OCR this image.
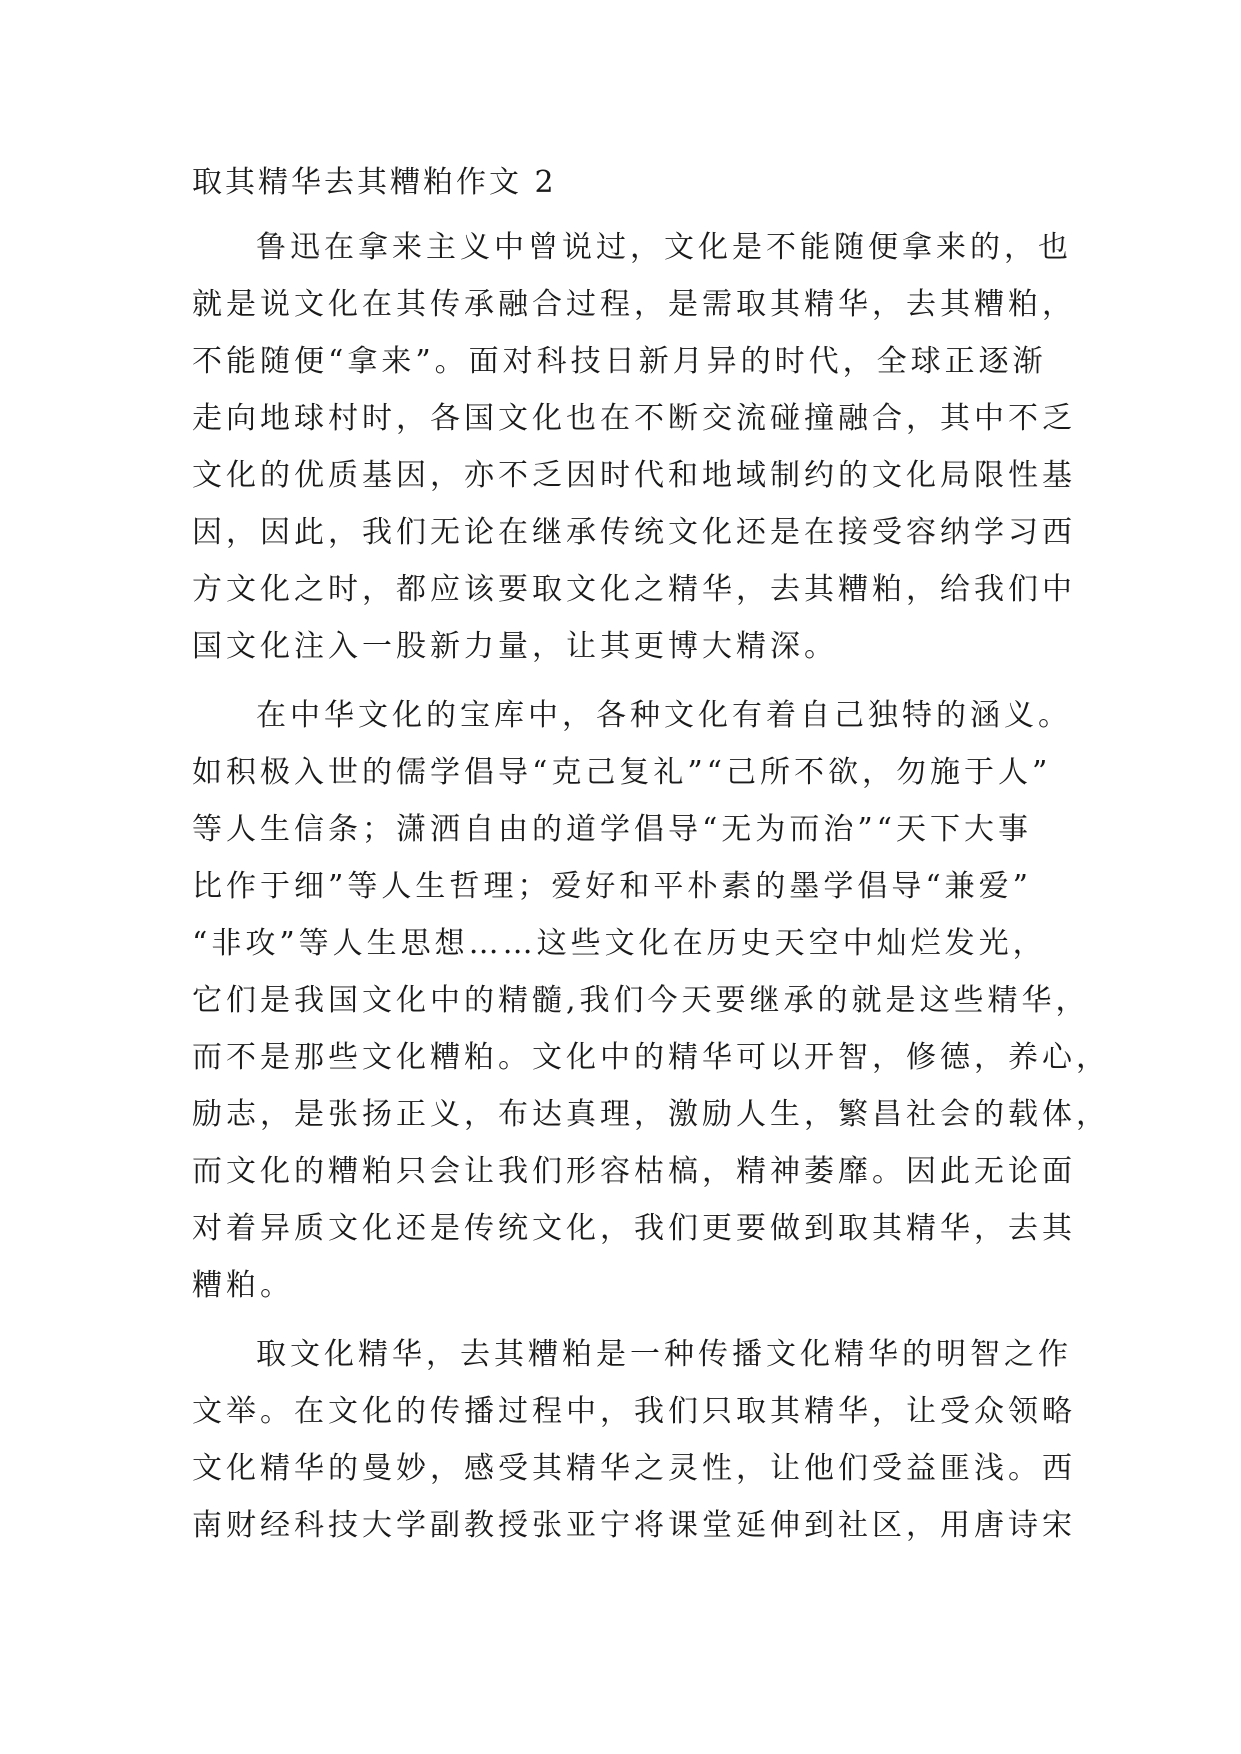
取其精华去其糟粕作文 2
鲁迅在拿来主义中曾说过，文化是不能随便拿来的，也
就是说文化在其传承融合过程，是需取其精华，去其糟粕，
不能随便“拿来”。面对科技日新月异的时代，全球正逐渐
走向地球村时，各国文化也在不断交流碰撞融合，其中不乏
文化的优质基因，亦不乏因时代和地域制约的文化局限性基
因，因此，我们无论在继承传统文化还是在接受容纳学习西
方文化之时，都应该要取文化之精华，去其糟粕，给我们中
国文化注入一股新力量，让其更博大精深。
在中华文化的宝库中，各种文化有着自己独特的涵义。
如积极入世的儒学倡导“克己复礼”“己所不欲，勿施于人”
等人生信条；潇洒自由的道学倡导“无为而治”“天下大事
比作于细”等人生哲理；爱好和平朴素的墨学倡导“兼爱”
“非攻”等人生思想……这些文化在历史天空中灿烂发光，
它们是我国文化中的精髓,我们今天要继承的就是这些精华，
而不是那些文化糟粕。文化中的精华可以开智，修德，养心，
励志，是张扬正义，布达真理，激励人生，繁昌社会的载体，
而文化的糟粕只会让我们形容枯槁，精神萎靡。因此无论面
对着异质文化还是传统文化，我们更要做到取其精华，去其
糟粕。
取文化精华，去其糟粕是一种传播文化精华的明智之作
文举。在文化的传播过程中，我们只取其精华，让受众领略
文化精华的曼妙，感受其精华之灵性，让他们受益匪浅。西
南财经科技大学副教授张亚宁将课堂延伸到社区，用唐诗宋
